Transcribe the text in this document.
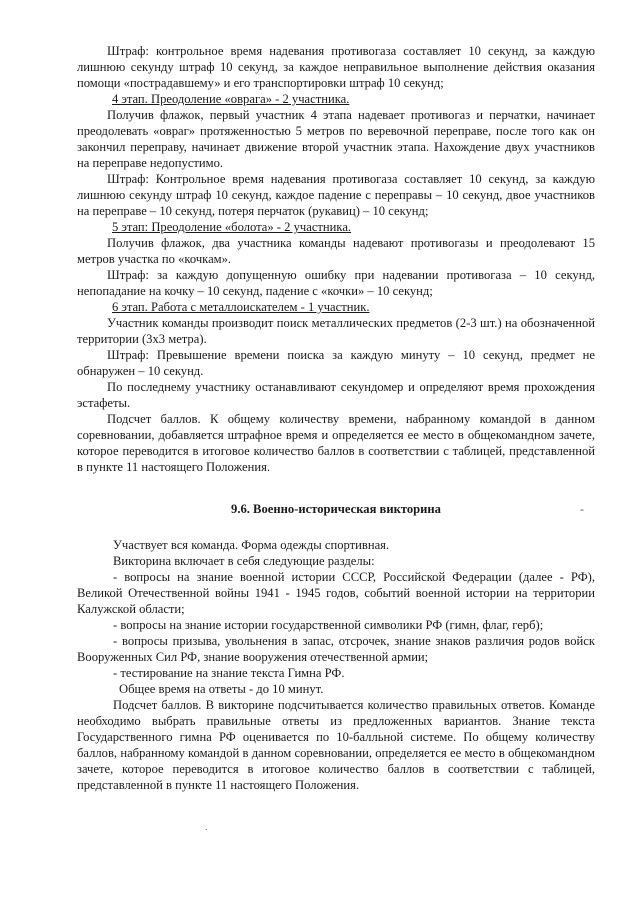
Штраф: контрольное время надевания противогаза составляет 10 секунд, за каждую лишнюю секунду штраф 10 секунд, за каждое неправильное выполнение действия оказания помощи «пострадавшему» и его транспортировки штраф 10 секунд;

4 этап. Преодоление «оврага» - 2 участника.

Получив флажок, первый участник 4 этапа надевает противогаз и перчатки, начинает преодолевать «овраг» протяженностью 5 метров по веревочной переправе, после того как он закончил переправу, начинает движение второй участник этапа. Нахождение двух участников на переправе недопустимо.

Штраф: Контрольное время надевания противогаза составляет 10 секунд, за каждую лишнюю секунду штраф 10 секунд, каждое падение с переправы – 10 секунд, двое участников на переправе – 10 секунд, потеря перчаток (рукавиц) – 10 секунд;

5 этап: Преодоление «болота» - 2 участника.

Получив флажок, два участника команды надевают противогазы и преодолевают 15 метров участка по «кочкам».

Штраф: за каждую допущенную ошибку при надевании противогаза – 10 секунд, непопадание на кочку – 10 секунд, падение с «кочки» – 10 секунд;

6 этап. Работа с металлоискателем - 1 участник.

Участник команды производит поиск металлических предметов (2-3 шт.) на обозначенной территории (3х3 метра).

Штраф: Превышение времени поиска за каждую минуту – 10 секунд, предмет не обнаружен – 10 секунд.

По последнему участнику останавливают секундомер и определяют время прохождения эстафеты.

Подсчет баллов. К общему количеству времени, набранному командой в данном соревновании, добавляется штрафное время и определяется ее место в общекомандном зачете, которое переводится в итоговое количество баллов в соответствии с таблицей, представленной в пункте 11 настоящего Положения.

9.6. Военно-историческая викторина	-

Участвует вся команда. Форма одежды спортивная.

Викторина включает в себя следующие разделы:

- вопросы на знание военной истории СССР, Российской Федерации (далее - РФ), Великой Отечественной войны 1941 - 1945 годов, событий военной истории на территории Калужской области;

- вопросы на знание истории государственной символики РФ (гимн, флаг, герб);

- вопросы призыва, увольнения в запас, отсрочек, знание знаков различия родов войск Вооруженных Сил РФ, знание вооружения отечественной армии;

- тестирование на знание текста Гимна РФ.

Общее время на ответы - до 10 минут.

Подсчет баллов. В викторине подсчитывается количество правильных ответов. Команде необходимо выбрать правильные ответы из предложенных вариантов. Знание текста Государственного гимна РФ оценивается по 10-балльной системе. По общему количеству баллов, набранному командой в данном соревновании, определяется ее место в общекомандном зачете, которое переводится в итоговое количество баллов в соответствии с таблицей, представленной в пункте 11 настоящего Положения.

.
